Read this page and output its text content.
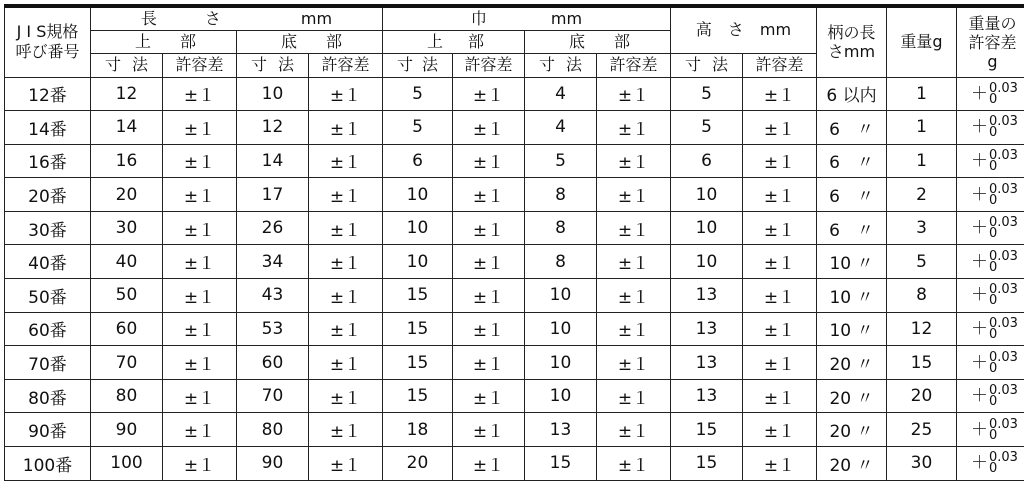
J I S規格
呼び番号	長　　　さ　　　　　mm				巾　　　　mm				高　さ　mm		柄の長
さmm	重量g	重量の
許容差
g

	上 部		底 部		上 部		底 部						

	寸 法	許容差	寸 法	許容差	寸 法	許容差	寸 法	許容差	寸 法	許容差			
12番	12	±１	10	±１	5	±１	4	±１	5	±１	6 以内	1	＋ 0.03
0

14番	14	±１	12	±１	5	±１	4	±１	5	±１	6　〃	1	＋ 0.03
0

16番	16	±１	14	±１	6	±１	5	±１	6	±１	6　〃	1	＋ 0.03
0

20番	20	±１	17	±１	10	±１	8	±１	10	±１	6　〃	2	＋ 0.03
0

30番	30	±１	26	±１	10	±１	8	±１	10	±１	6　〃	3	＋ 0.03
0

40番	40	±１	34	±１	10	±１	8	±１	10	±１	10 〃	5	＋ 0.03
0

50番	50	±１	43	±１	15	±１	10	±１	13	±１	10 〃	8	＋ 0.03
0

60番	60	±１	53	±１	15	±１	10	±１	13	±１	10 〃	12	＋ 0.03
0

70番	70	±１	60	±１	15	±１	10	±１	13	±１	20 〃	15	＋ 0.03
0

80番	80	±１	70	±１	15	±１	10	±１	13	±１	20 〃	20	＋ 0.03
0

90番	90	±１	80	±１	18	±１	13	±１	15	±１	20 〃	25	＋ 0.03
0

100番	100	±１	90	±１	20	±１	15	±１	15	±１	20 〃	30	＋ 0.03
0
